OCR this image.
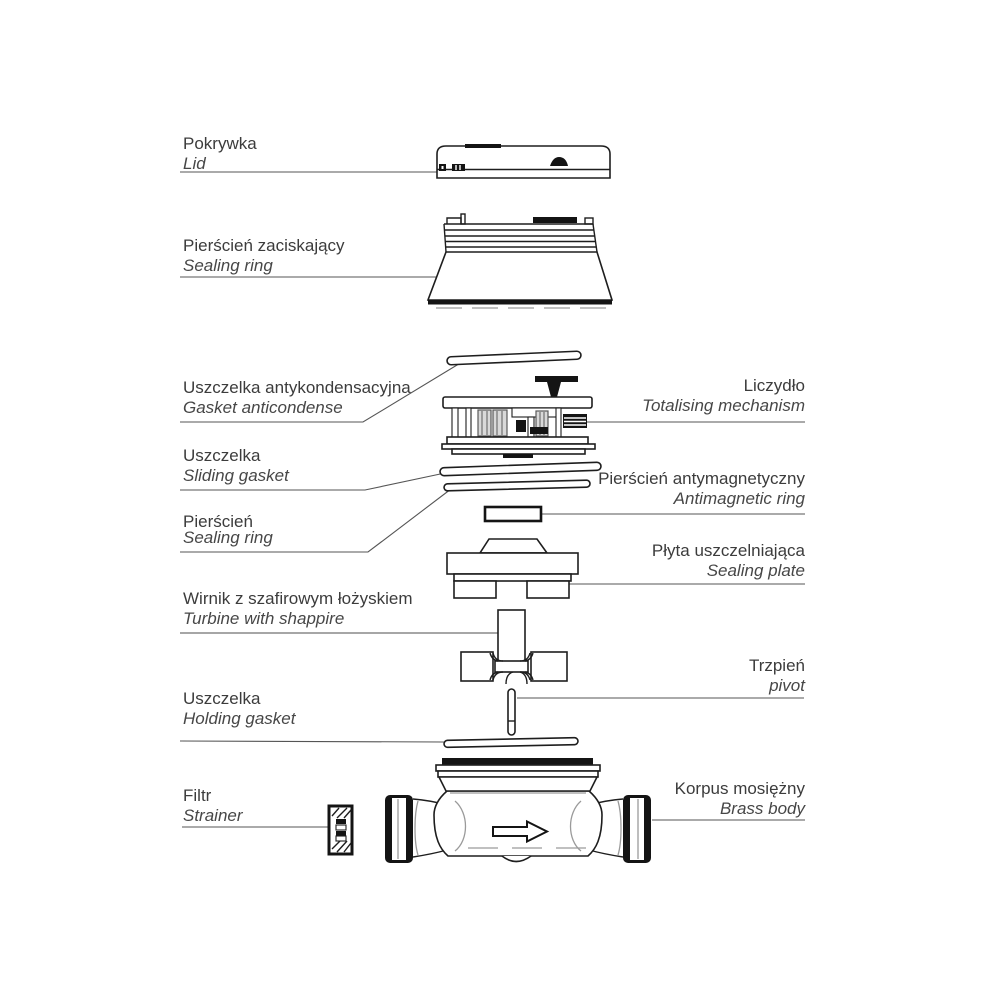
Pokrywka
Lid
Pierścień zaciskający
Sealing ring
Uszczelka antykondensacyjna
Gasket anticondense
Uszczelka
Sliding gasket
Pierścień
Sealing ring
Wirnik z szafirowym łożyskiem
Turbine with shappire
Uszczelka
Holding gasket
Filtr
Strainer
Liczydło
Totalising mechanism
Pierścień antymagnetyczny
Antimagnetic ring
Płyta uszczelniająca
Sealing plate
Trzpień
pivot
Korpus mosiężny
Brass body
